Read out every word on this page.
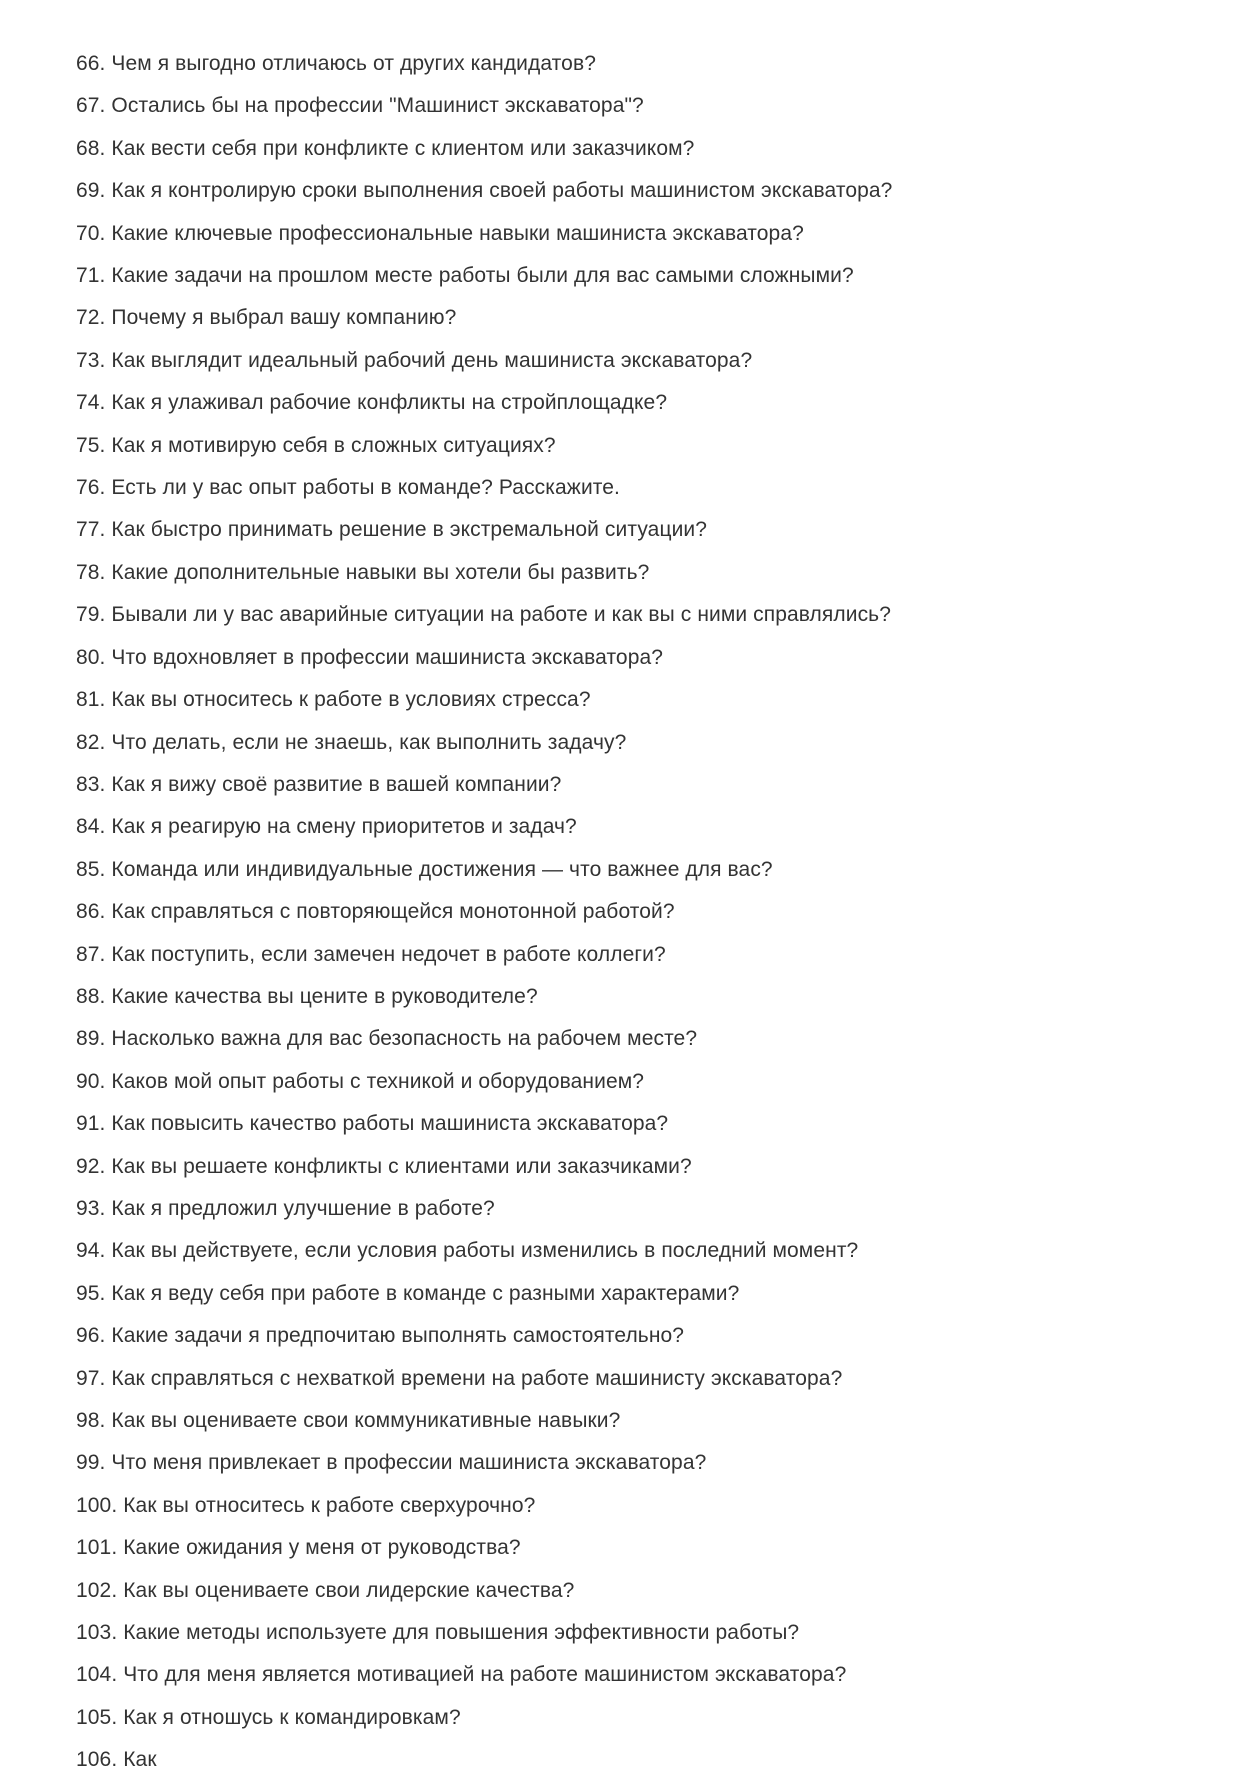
66. Чем я выгодно отличаюсь от других кандидатов?
67. Остались бы на профессии "Машинист экскаватора"?
68. Как вести себя при конфликте с клиентом или заказчиком?
69. Как я контролирую сроки выполнения своей работы машинистом экскаватора?
70. Какие ключевые профессиональные навыки машиниста экскаватора?
71. Какие задачи на прошлом месте работы были для вас самыми сложными?
72. Почему я выбрал вашу компанию?
73. Как выглядит идеальный рабочий день машиниста экскаватора?
74. Как я улаживал рабочие конфликты на стройплощадке?
75. Как я мотивирую себя в сложных ситуациях?
76. Есть ли у вас опыт работы в команде? Расскажите.
77. Как быстро принимать решение в экстремальной ситуации?
78. Какие дополнительные навыки вы хотели бы развить?
79. Бывали ли у вас аварийные ситуации на работе и как вы с ними справлялись?
80. Что вдохновляет в профессии машиниста экскаватора?
81. Как вы относитесь к работе в условиях стресса?
82. Что делать, если не знаешь, как выполнить задачу?
83. Как я вижу своё развитие в вашей компании?
84. Как я реагирую на смену приоритетов и задач?
85. Команда или индивидуальные достижения — что важнее для вас?
86. Как справляться с повторяющейся монотонной работой?
87. Как поступить, если замечен недочет в работе коллеги?
88. Какие качества вы цените в руководителе?
89. Насколько важна для вас безопасность на рабочем месте?
90. Каков мой опыт работы с техникой и оборудованием?
91. Как повысить качество работы машиниста экскаватора?
92. Как вы решаете конфликты с клиентами или заказчиками?
93. Как я предложил улучшение в работе?
94. Как вы действуете, если условия работы изменились в последний момент?
95. Как я веду себя при работе в команде с разными характерами?
96. Какие задачи я предпочитаю выполнять самостоятельно?
97. Как справляться с нехваткой времени на работе машинисту экскаватора?
98. Как вы оцениваете свои коммуникативные навыки?
99. Что меня привлекает в профессии машиниста экскаватора?
100. Как вы относитесь к работе сверхурочно?
101. Какие ожидания у меня от руководства?
102. Как вы оцениваете свои лидерские качества?
103. Какие методы используете для повышения эффективности работы?
104. Что для меня является мотивацией на работе машинистом экскаватора?
105. Как я отношусь к командировкам?
106. Как
